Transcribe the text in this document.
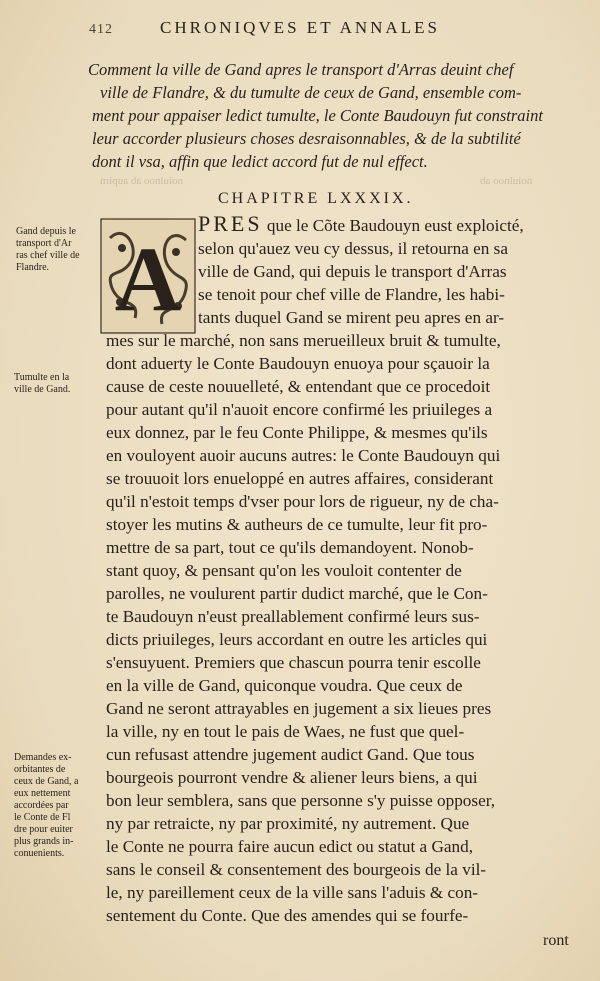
noiulnoo ab aupirn	noiulnoo ab
412	CHRONIQVES ET ANNALES
Comment la ville de Gand apres le transport d'Arras deuint chef
ville de Flandre, & du tumulte de ceux de Gand, ensemble com-
ment pour appaiser ledict tumulte, le Conte Baudouyn fut constraint
leur accorder plusieurs choses desraisonnables, & de la subtilité
dont il vsa, affin que ledict accord fut de nul effect.
CHAPITRE LXXXIX.
A
PRES que le Cõte Baudouyn eust exploicté,
selon qu'auez veu cy dessus, il retourna en sa
ville de Gand, qui depuis le transport d'Arras
se tenoit pour chef ville de Flandre, les habi-
tants duquel Gand se mirent peu apres en ar-
mes sur le marché, non sans merueilleux bruit & tumulte,
dont aduerty le Conte Baudouyn enuoya pour sçauoir la
cause de ceste nouuelleté, & entendant que ce procedoit
pour autant qu'il n'auoit encore confirmé les priuileges a
eux donnez, par le feu Conte Philippe, & mesmes qu'ils
en vouloyent auoir aucuns autres: le Conte Baudouyn qui
se trouuoit lors enueloppé en autres affaires, considerant
qu'il n'estoit temps d'vser pour lors de rigueur, ny de cha-
stoyer les mutins & autheurs de ce tumulte, leur fit pro-
mettre de sa part, tout ce qu'ils demandoyent. Nonob-
stant quoy, & pensant qu'on les vouloit contenter de
parolles, ne voulurent partir dudict marché, que le Con-
te Baudouyn n'eust preallablement confirmé leurs sus-
dicts priuileges, leurs accordant en outre les articles qui
s'ensuyuent. Premiers que chascun pourra tenir escolle
en la ville de Gand, quiconque voudra. Que ceux de
Gand ne seront attrayables en jugement a six lieues pres
la ville, ny en tout le pais de Waes, ne fust que quel-
cun refusast attendre jugement audict Gand. Que tous
bourgeois pourront vendre & aliener leurs biens, a qui
bon leur semblera, sans que personne s'y puisse opposer,
ny par retraicte, ny par proximité, ny autrement. Que
le Conte ne pourra faire aucun edict ou statut a Gand,
sans le conseil & consentement des bourgeois de la vil-
le, ny pareillement ceux de la ville sans l'aduis & con-
sentement du Conte. Que des amendes qui se fourfe-
Gand depuis le
transport d'Ar
ras chef ville de
Flandre.
Tumulte en la
ville de Gand.
Demandes ex-
orbitantes de
ceux de Gand, a
eux nettement
accordées par
le Conte de Fl
dre pour euiter
plus grands in-
conuenients.
ront
